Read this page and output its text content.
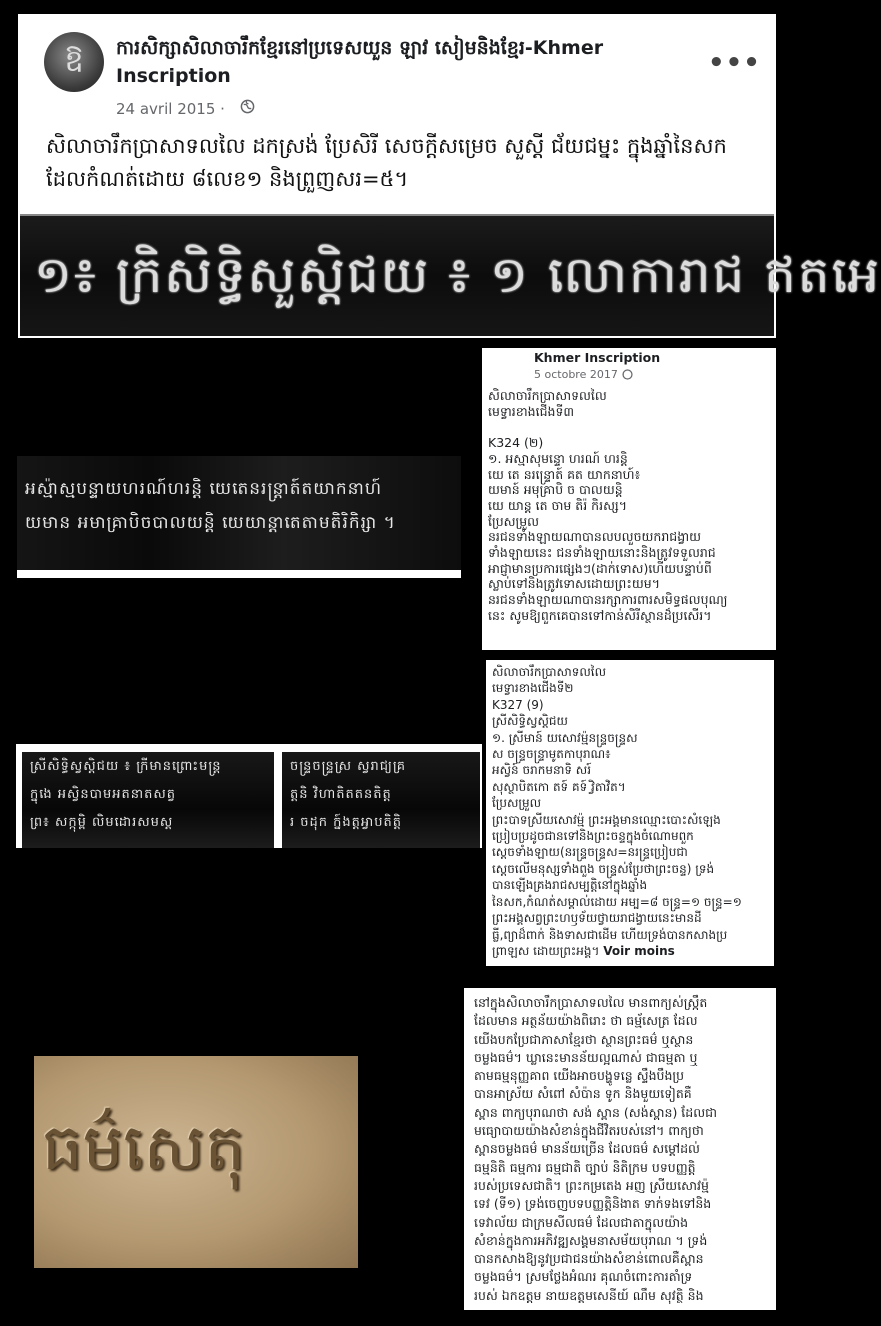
ឱ	ការសិក្សាសិលាចារឹកខ្មែរនៅប្រទេសយួន ឡាវ សៀមនិងខ្មែរ-Khmer Inscription
24 avril 2015 ·
•••
សិលាចារឹកប្រាសាទលលៃ ដកស្រង់ ប្រែសិរី សេចក្តីសម្រេច សួស្តី ជ័យជម្នះ ក្នុងឆ្នាំនៃសក ដែលកំណត់ដោយ ៨លេខ១ និងព្រួញសរ=៥។
១៖ ក្រិសិទ្ធិសួស្តិជយ ៖ ១ លោការាជ ឥតអេ
អស្ម៉ាស្មបន្ទាយហរណ៍ហរន្តិ យេតេនរន្រ្តាត៍តយាកនាហ៍
យមាន អមាគ្រាបិចបាលយន្តិ យេយាន្តាតេតាមតិរិកិរ្សា ។
ស្រីសិទ្ធិស្វស្តិជយ ៖ ក្រីមានព្រោះមន្ត្រ
ក្នុងេ អស្វិនបាមអតនាតសត្វ
ព្រ៖ សក្កុម្ពិ លិមដោរសមស្ត
ចន្ទ្រចន្ទ្រស្រ ស្វរាជ្យគ្រ
ត្តនិ វិហាតិតតនតិត្ត
រ ចដុក ក្ន៍ងត្តអ្វាបតិត្តិ
Khmer Inscription
5 octobre 2017 ·
សិលាចារឹកប្រាសាទលលៃ
មេទ្វារខាងជើងទី៣
K324 (២)
១. អស្មាសុមន្ទោ ហរណ៍ ហរន្តិ
យេ តេ នរន្ទ្រោត៍ គត យាកនាហ៍៖
យមាន៍ អមុគ្រាបិ ច បាលយន្តិ
យេ យាន្ត តេ ចាម តិរ៉ កិរស្ស។
ប្រែសម្រួល
នរជនទាំងឡាយណាបានលបលួចយករាជង្វាយ
ទាំងឡាយនេះ ជនទាំងឡាយនោះនិងត្រូវទទួលរាជ
អាជ្ញាមានប្រការផ្សេងៗ(ដាក់ទោស)ហើយបន្ទាប់ពី
ស្លាប់ទៅនិងត្រូវទោសដោយព្រះយម។
នរជនទាំងឡាយណាបានរក្សាការពារសមិទ្ធផលបុណ្យ
នេះ សូមឱ្យពួកគេបានទៅកាន់សិរីស្ថានដ៏ប្រសើរ។
សិលាចារឹកប្រាសាទលលៃ
មេទ្វារខាងជើងទី២
K327 (9)
ស្រីសិទ្ធិស្វស្តិជយ
១. ស្រីមាន៍ យសោវម៉្មនន្ទ្រចន្ទ្រស
ស ចន្ទ្រចន្ទ្រាមូតកាបុរាណ៖
អស្វិន៍ ចរាកមនាទិ សរ៍
សុស្ថាបិតកោ តទ៍ គទ៍ វ្វិតាវិត។
ប្រែសម្រួល
ព្រះបាទស្រីយសោវម៉្ម ព្រះអង្គមានឈ្មោះបោះសំឡេង
ប្រៀបប្រដូចជានទៅនិងព្រះចន្ទក្នុងចំណោមពួក
ស្តេចទាំងឡាយ(នរន្ទ្រចន្ទ្រស=នរន្ទ្រប្រៀបជា
ស្តេចលើមនុស្សទាំងពួង ចន្ទ្រស់ប្រែថាព្រះចន្ទ) ទ្រង់
បានឡើងគ្រងរាជសម្បត្តិនៅក្នុងឆ្នាំង
នៃសក,កំណត់សម្គាល់ដោយ អម្ប=៨ ចន្ទ្រ=១ ចន្ទ្រ=១
ព្រះអង្គសព្វព្រះហឫទ័យថ្វាយរាជង្វាយនេះមានដី
ធ្លី,ព្យាដ៏ពាក់ និងទាសជាដើម ហើយទ្រង់បានកសាងប្រ
ព្រាឡស ដោយព្រះអង្គ។ Voir moins
នៅក្នុងសិលាចារឹកប្រាសាទលលៃ មានពាក្យស់ស្រ្កឹត
ដែលមាន អត្ថន័យយ៉ាងពិរោះ ថា ធម្ម័សេត្រ ដែល
យើងបកប្រែជាភាសាខ្មែរថា ស្ថានព្រះធម៌ ឬស្ថាន
ចម្លងធម៌។ ឃ្លានេះមានន័យល្អណាស់ ជាធម្មតា ឬ
តាមធម្មនុញ្ញគាព យើងអាចបង្ហូទន្លេ ស្ទឹងបឹងប្រ
បានអាស្រ័យ សំពៅ សំប៉ាន ទូក និងមួយទៀតគឺ
ស្ពាន ពាក្យបុរាណថា សង់ ស្ពាន (សង់ស្ពាន) ដែលជា
មធ្យោបាយយ៉ាងសំខាន់ក្នុងជីវិតរបស់នៅ។ ពាក្យថា
ស្ពានចម្លងធម៌ មានន័យច្រើន ដែលធម៌ សម្ដៅដល់
ធម្មនិតិ ធម្មការ ធម្មជាតិ ច្បាប់ និតិក្រម បទបញ្ញត្តិ
របស់ប្រទេសជាតិ។ ព្រះកម្រតេង អញ ស្រីយសោវម៉្ម
ទេវ (ទី១) ទ្រង់ចេញបទបញ្ញត្តិនិងាត ទាក់ទងទៅនិង
ទេវាល័យ ជាក្រមសីលធម៌ ដែលជាតាក្នុលយ៉ាង
សំខាន់ក្នុងការអភិវឌ្ឍសង្គមនាសម័យបុរាណ ។ ទ្រង់
បានកសាងឱ្យនូវប្រជាជនយ៉ាងសំខាន់ពោលគឺស្ពាន
ចម្លងធម៌។ ស្រមថ្លែងអំណរ គុណចំពោះការតាំទ្រ
របស់ ឯកឧត្តម នាយឧត្តមសេនីយ៍ ណឹម សុវត្ថិ និង
ធម៌សេតុ
